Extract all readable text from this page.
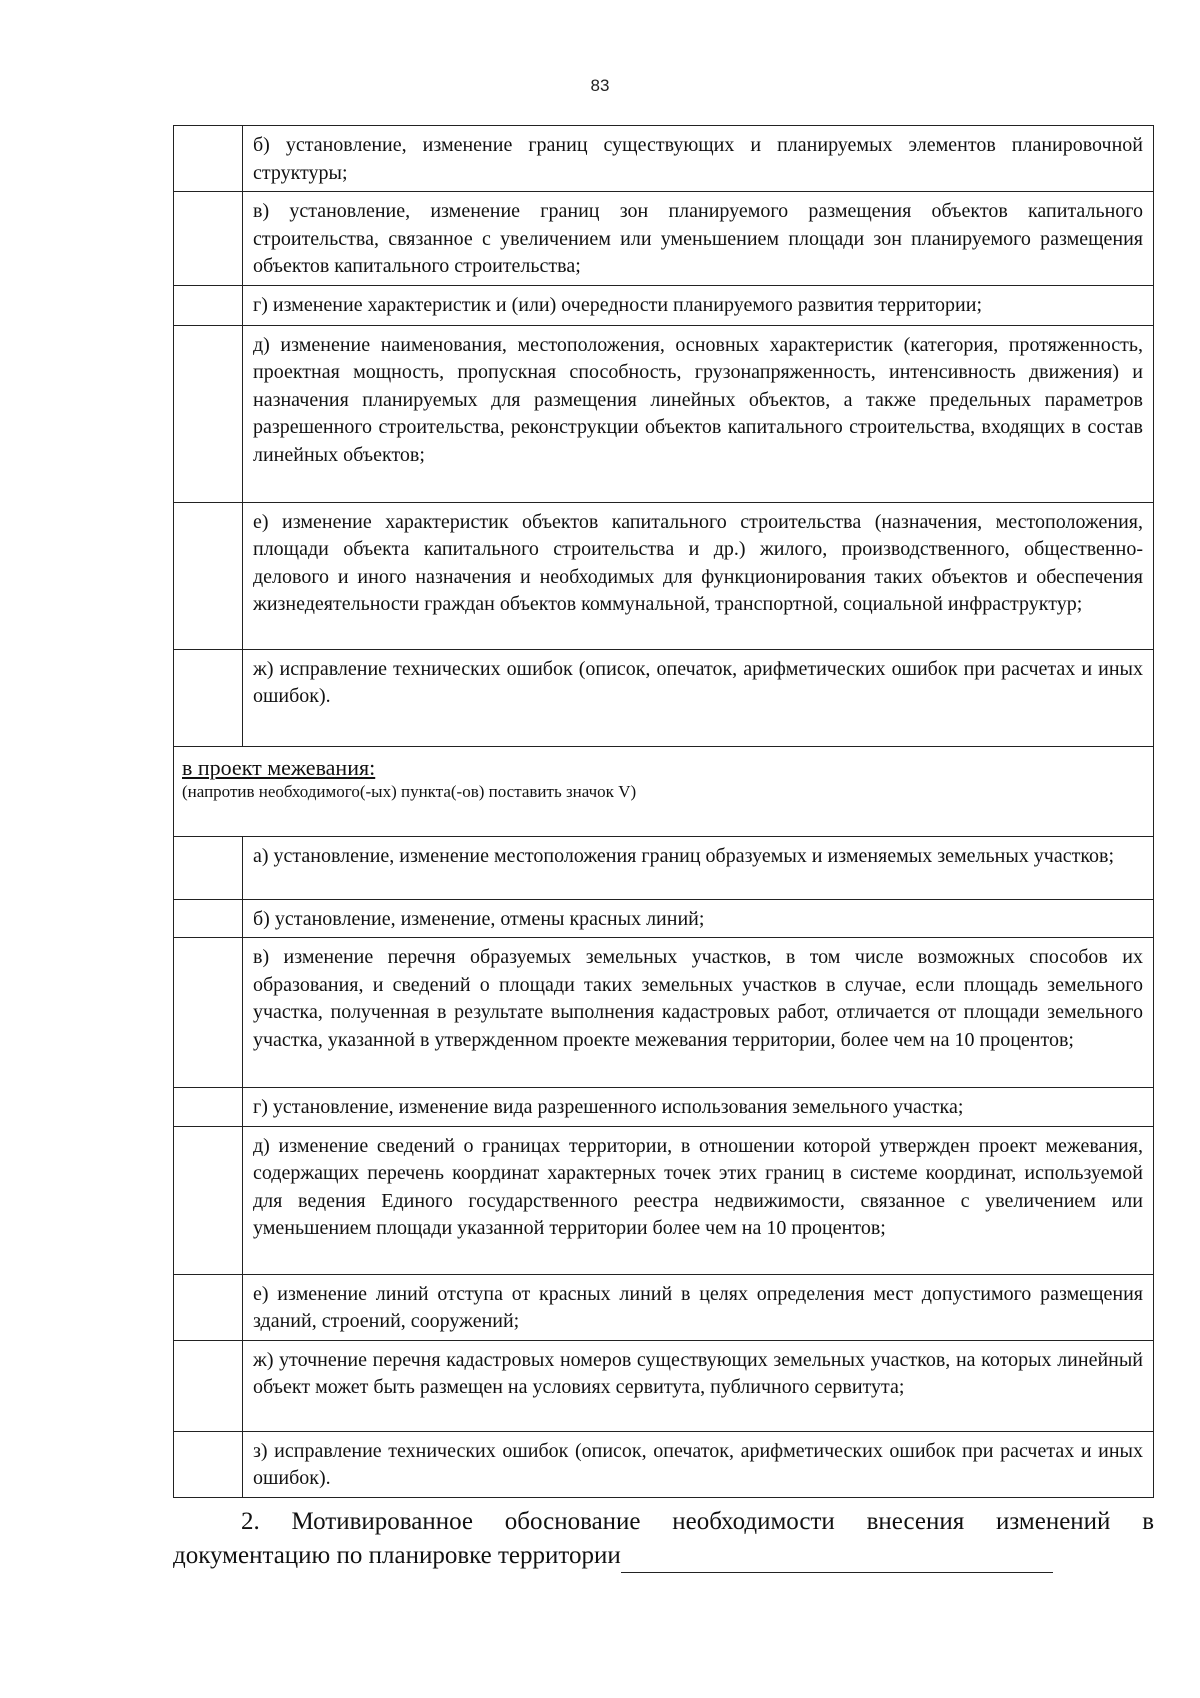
83
	б) установление, изменение границ существующих и планируемых элементов планировочной структуры;
	в) установление, изменение границ зон планируемого размещения объектов капитального строительства, связанное с увеличением или уменьшением площади зон планируемого размещения объектов капитального строительства;
	г) изменение характеристик и (или) очередности планируемого развития территории;
	д) изменение наименования, местоположения, основных характеристик (категория, протяженность, проектная мощность, пропускная способность, грузонапряженность, интенсивность движения) и назначения планируемых для размещения линейных объектов, а также предельных параметров разрешенного строительства, реконструкции объектов капитального строительства, входящих в состав линейных объектов;
	е) изменение характеристик объектов капитального строительства (назначения, местоположения, площади объекта капитального строительства и др.) жилого, производственного, общественно-делового и иного назначения и необходимых для функционирования таких объектов и обеспечения жизнедеятельности граждан объектов коммунальной, транспортной, социальной инфраструктур;
	ж) исправление технических ошибок (описок, опечаток, арифметических ошибок при расчетах и иных ошибок).

в проект межевания:
(напротив необходимого(-ых) пункта(-ов) поставить значок V)	

	а) установление, изменение местоположения границ образуемых и изменяемых земельных участков;
	б) установление, изменение, отмены красных линий;
	в) изменение перечня образуемых земельных участков, в том числе возможных способов их образования, и сведений о площади таких земельных участков в случае, если площадь земельного участка, полученная в результате выполнения кадастровых работ, отличается от площади земельного участка, указанной в утвержденном проекте межевания территории, более чем на 10 процентов;
	г) установление, изменение вида разрешенного использования земельного участка;
	д) изменение сведений о границах территории, в отношении которой утвержден проект межевания, содержащих перечень координат характерных точек этих границ в системе координат, используемой для ведения Единого государственного реестра недвижимости, связанное с увеличением или уменьшением площади указанной территории более чем на 10 процентов;
	е) изменение линий отступа от красных линий в целях определения мест допустимого размещения зданий, строений, сооружений;
	ж) уточнение перечня кадастровых номеров существующих земельных участков, на которых линейный объект может быть размещен на условиях сервитута, публичного сервитута;
	з) исправление технических ошибок (описок, опечаток, арифметических ошибок при расчетах и иных ошибок).
2. Мотивированное обоснование необходимости внесения изменений в документацию по планировке территории
